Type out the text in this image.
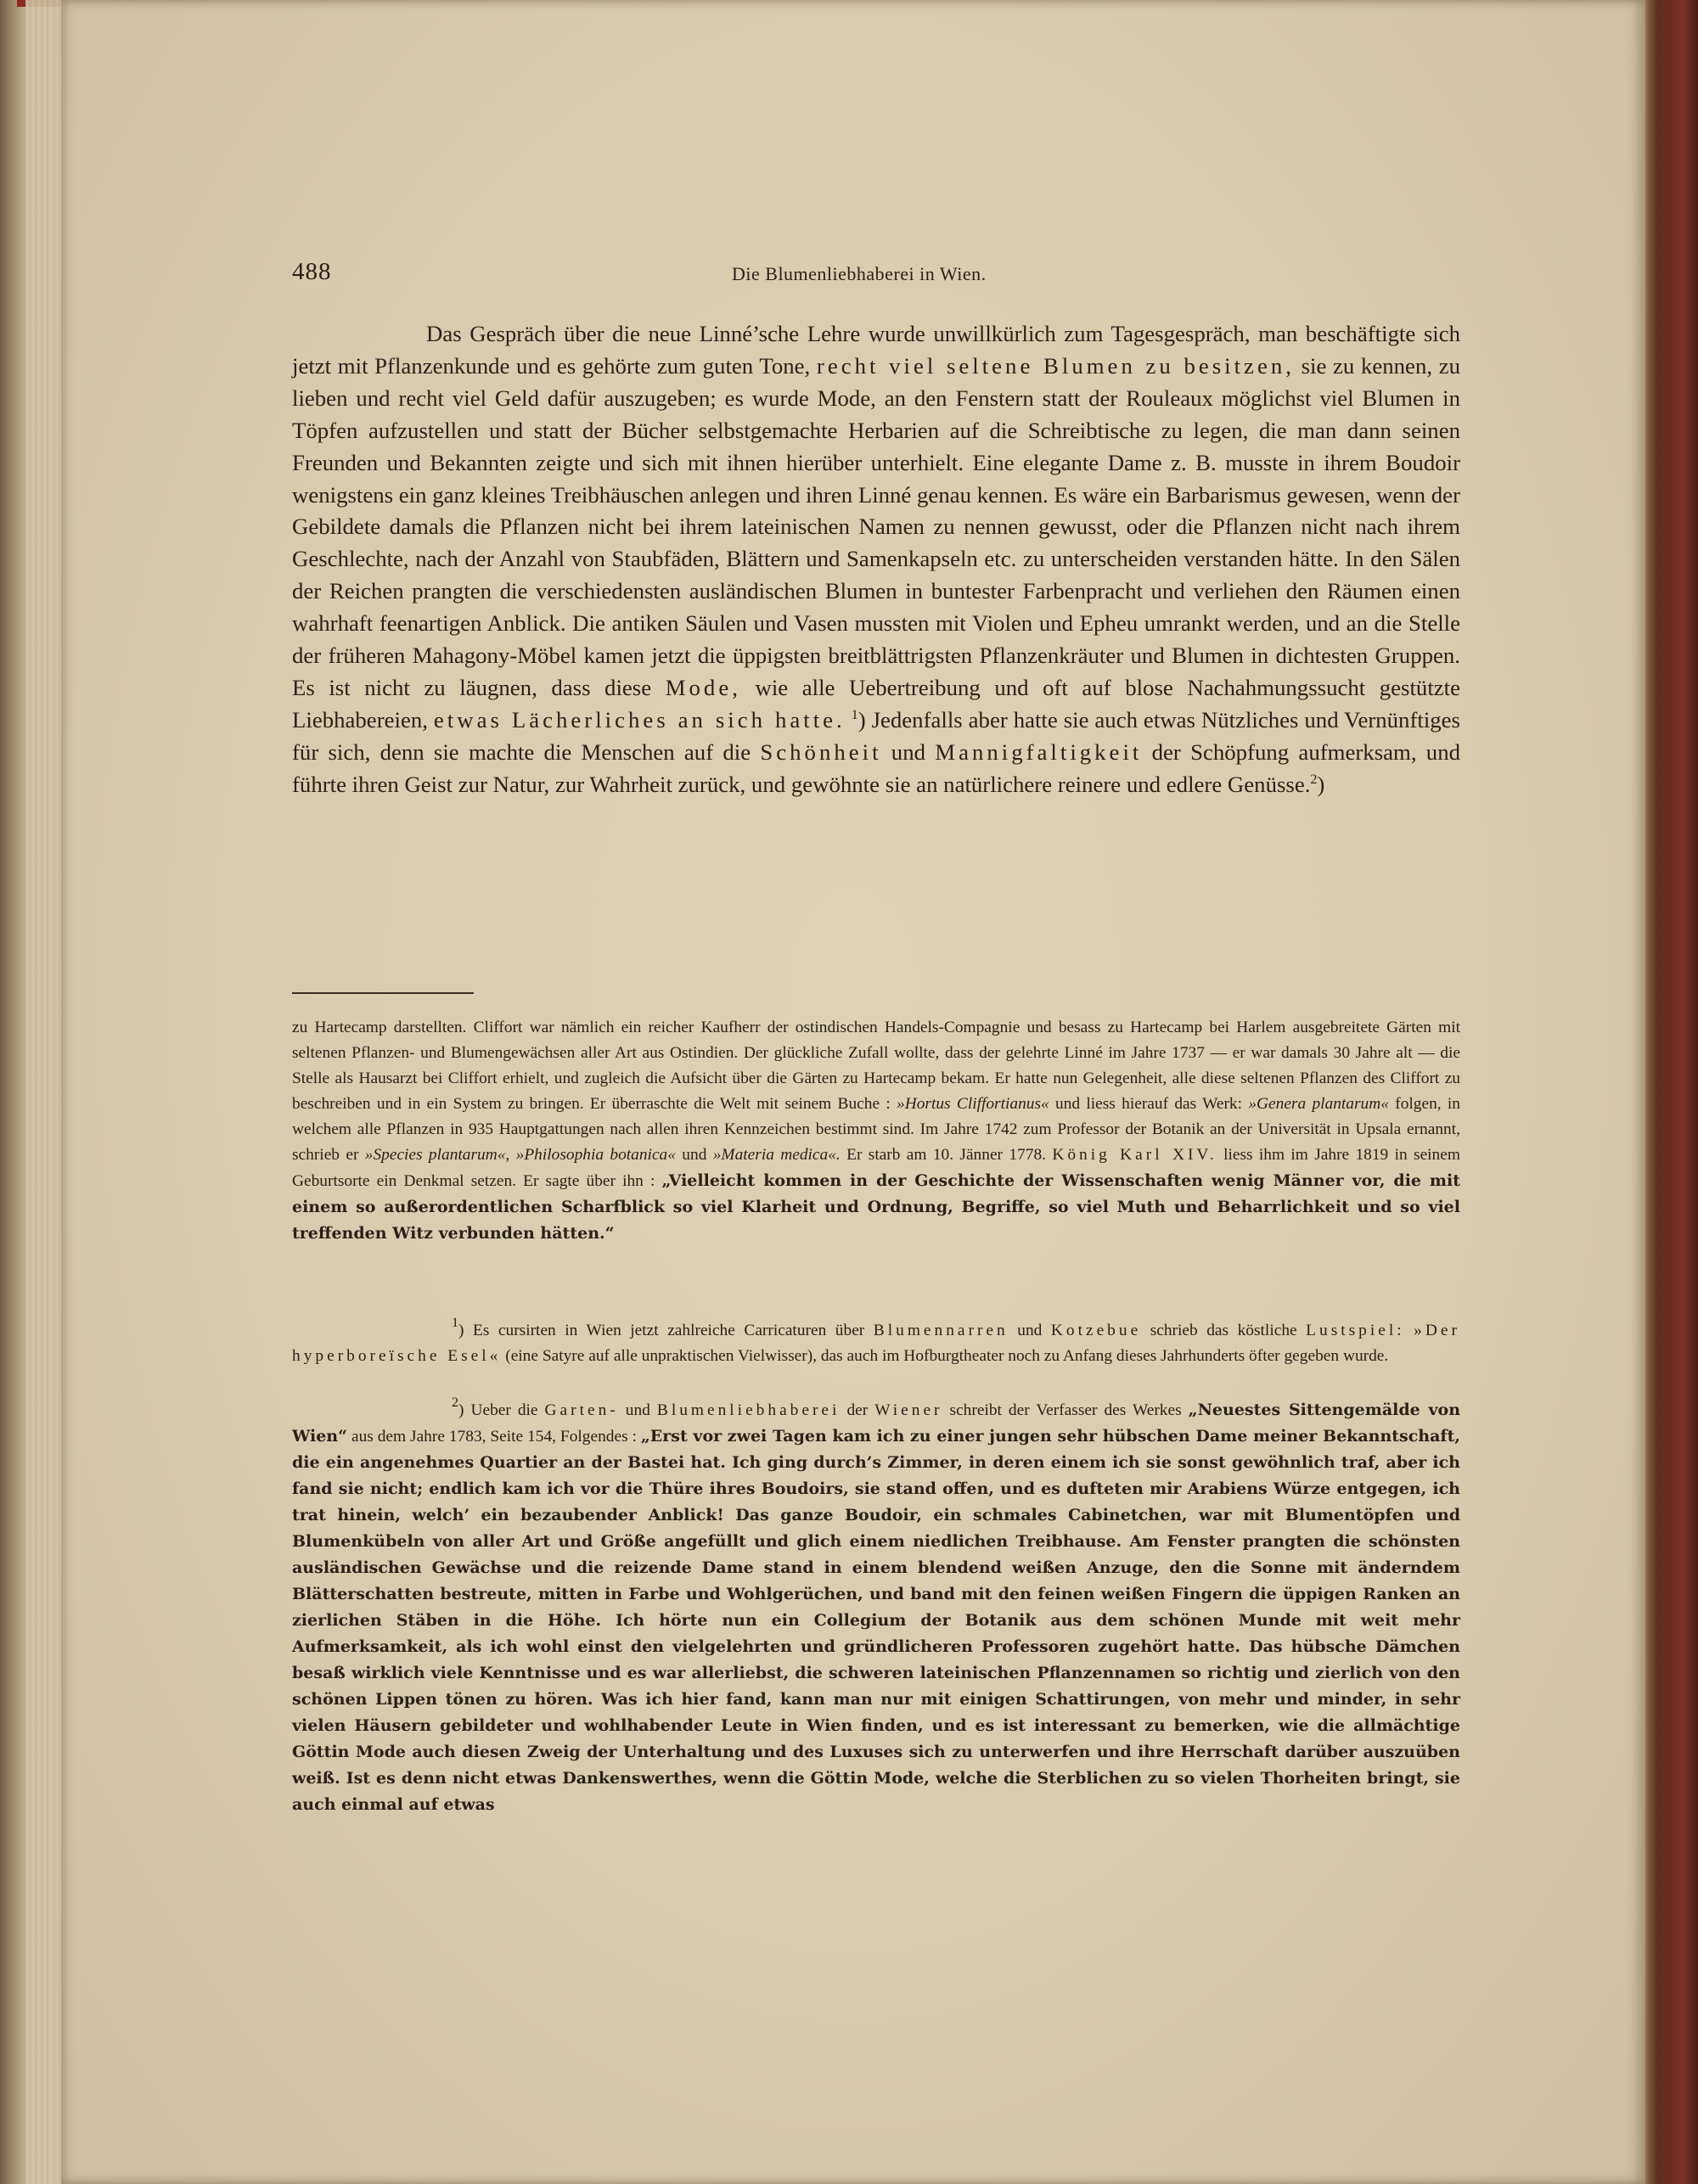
488	Die Blumenliebhaberei in Wien.

Das Gespräch über die neue Linné’sche Lehre wurde unwillkürlich zum Tagesgespräch, man beschäftigte sich jetzt mit Pflanzenkunde und es gehörte zum guten Tone, recht viel seltene Blumen zu besitzen, sie zu kennen, zu lieben und recht viel Geld dafür auszugeben; es wurde Mode, an den Fenstern statt der Rouleaux möglichst viel Blumen in Töpfen aufzustellen und statt der Bücher selbstgemachte Herbarien auf die Schreibtische zu legen, die man dann seinen Freunden und Bekannten zeigte und sich mit ihnen hierüber unterhielt. Eine elegante Dame z. B. musste in ihrem Boudoir wenigstens ein ganz kleines Treibhäuschen anlegen und ihren Linné genau kennen. Es wäre ein Barbarismus gewesen, wenn der Gebildete damals die Pflanzen nicht bei ihrem lateinischen Namen zu nennen gewusst, oder die Pflanzen nicht nach ihrem Geschlechte, nach der Anzahl von Staubfäden, Blättern und Samenkapseln etc. zu unterscheiden verstanden hätte. In den Sälen der Reichen prangten die verschiedensten ausländischen Blumen in buntester Farbenpracht und verliehen den Räumen einen wahrhaft feenartigen Anblick. Die antiken Säulen und Vasen mussten mit Violen und Epheu umrankt werden, und an die Stelle der früheren Mahagony-Möbel kamen jetzt die üppigsten breitblättrigsten Pflanzenkräuter und Blumen in dichtesten Gruppen. Es ist nicht zu läugnen, dass diese Mode, wie alle Uebertreibung und oft auf blose Nachahmungssucht gestützte Liebhabereien, etwas Lächerliches an sich hatte. $^1$) Jedenfalls aber hatte sie auch etwas Nützliches und Vernünftiges für sich, denn sie machte die Menschen auf die Schönheit und Mannigfaltigkeit der Schöpfung aufmerksam, und führte ihren Geist zur Natur, zur Wahrheit zurück, und gewöhnte sie an natürlichere reinere und edlere Genüsse.$^2$)

zu Hartecamp darstellten. Cliffort war nämlich ein reicher Kaufherr der ostindischen Handels-Compagnie und besass zu Hartecamp bei Harlem ausgebreitete Gärten mit seltenen Pflanzen- und Blumengewächsen aller Art aus Ostindien. Der glückliche Zufall wollte, dass der gelehrte Linné im Jahre 1737 — er war damals 30 Jahre alt — die Stelle als Hausarzt bei Cliffort erhielt, und zugleich die Aufsicht über die Gärten zu Hartecamp bekam. Er hatte nun Gelegenheit, alle diese seltenen Pflanzen des Cliffort zu beschreiben und in ein System zu bringen. Er überraschte die Welt mit seinem Buche : »Hortus Cliffortianus« und liess hierauf das Werk: »Genera plantarum« folgen, in welchem alle Pflanzen in 935 Hauptgattungen nach allen ihren Kennzeichen bestimmt sind. Im Jahre 1742 zum Professor der Botanik an der Universität in Upsala ernannt, schrieb er »Species plantarum«, »Philosophia botanica« und »Materia medica«. Er starb am 10. Jänner 1778. König Karl XIV. liess ihm im Jahre 1819 in seinem Geburtsorte ein Denkmal setzen. Er sagte über ihn : „Vielleicht kommen in der Geschichte der Wissenschaften wenig Männer vor, die mit einem so außerordentlichen Scharfblick so viel Klarheit und Ordnung, Begriffe, so viel Muth und Beharrlichkeit und so viel treffenden Witz verbunden hätten.“

$^1$) Es cursirten in Wien jetzt zahlreiche Carricaturen über Blumennarren und Kotzebue schrieb das köstliche Lustspiel: »Der hyperboreïsche Esel« (eine Satyre auf alle unpraktischen Vielwisser), das auch im Hofburgtheater noch zu Anfang dieses Jahrhunderts öfter gegeben wurde.

$^2$) Ueber die Garten- und Blumenliebhaberei der Wiener schreibt der Verfasser des Werkes „Neuestes Sittengemälde von Wien“ aus dem Jahre 1783, Seite 154, Folgendes : „Erst vor zwei Tagen kam ich zu einer jungen sehr hübschen Dame meiner Bekanntschaft, die ein angenehmes Quartier an der Bastei hat. Ich ging durch’s Zimmer, in deren einem ich sie sonst gewöhnlich traf, aber ich fand sie nicht; endlich kam ich vor die Thüre ihres Boudoirs, sie stand offen, und es dufteten mir Arabiens Würze entgegen, ich trat hinein, welch’ ein bezaubender Anblick! Das ganze Boudoir, ein schmales Cabinetchen, war mit Blumentöpfen und Blumenkübeln von aller Art und Größe angefüllt und glich einem niedlichen Treibhause. Am Fenster prangten die schönsten ausländischen Gewächse und die reizende Dame stand in einem blendend weißen Anzuge, den die Sonne mit änderndem Blätterschatten bestreute, mitten in Farbe und Wohlgerüchen, und band mit den feinen weißen Fingern die üppigen Ranken an zierlichen Stäben in die Höhe. Ich hörte nun ein Collegium der Botanik aus dem schönen Munde mit weit mehr Aufmerksamkeit, als ich wohl einst den vielgelehrten und gründlicheren Professoren zugehört hatte. Das hübsche Dämchen besaß wirklich viele Kenntnisse und es war allerliebst, die schweren lateinischen Pflanzennamen so richtig und zierlich von den schönen Lippen tönen zu hören. Was ich hier fand, kann man nur mit einigen Schattirungen, von mehr und minder, in sehr vielen Häusern gebildeter und wohlhabender Leute in Wien finden, und es ist interessant zu bemerken, wie die allmächtige Göttin Mode auch diesen Zweig der Unterhaltung und des Luxuses sich zu unterwerfen und ihre Herrschaft darüber auszuüben weiß. Ist es denn nicht etwas Dankenswerthes, wenn die Göttin Mode, welche die Sterblichen zu so vielen Thorheiten bringt, sie auch einmal auf etwas
